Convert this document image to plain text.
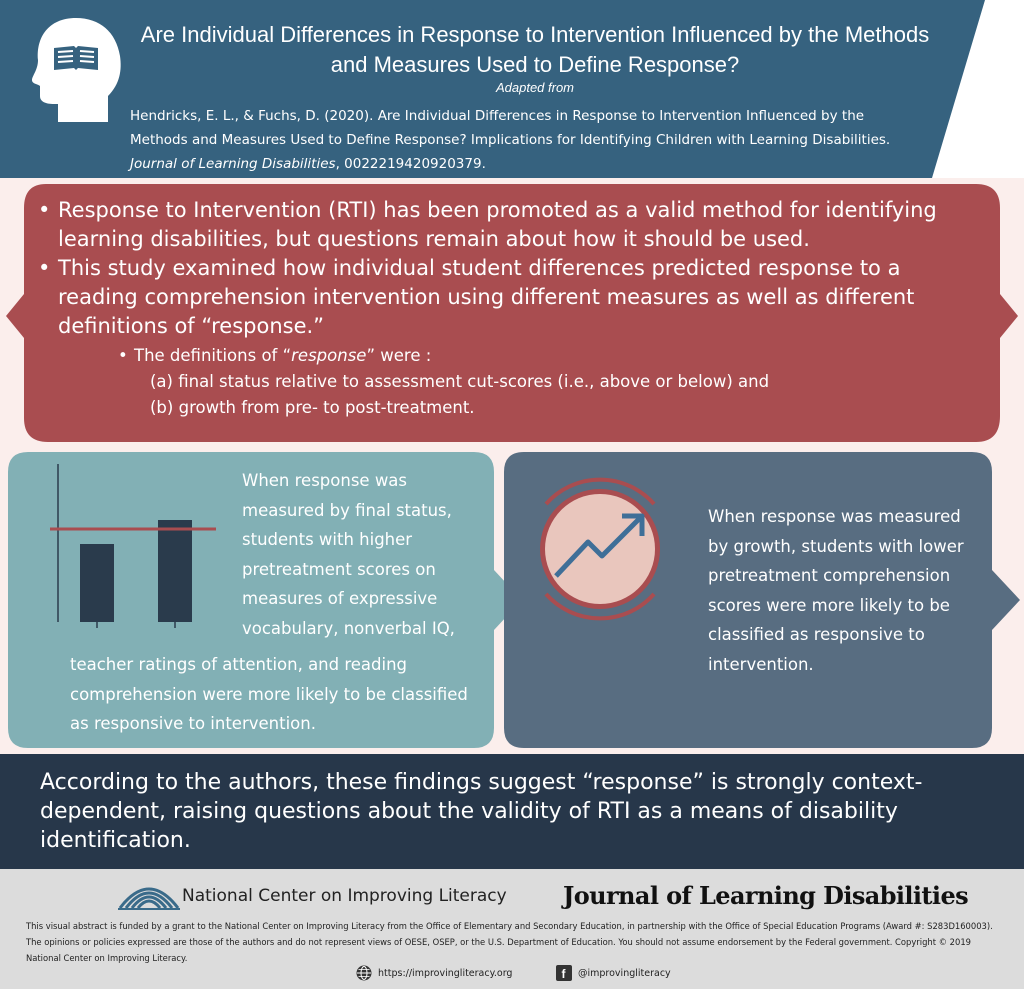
Are Individual Differences in Response to Intervention Influenced by the Methods and Measures Used to Define Response?
Adapted from
Hendricks, E. L., & Fuchs, D. (2020). Are Individual Differences in Response to Intervention Influenced by the
Methods and Measures Used to Define Response? Implications for Identifying Children with Learning Disabilities.
Journal of Learning Disabilities, 0022219420920379.

• Response to Intervention (RTI) has been promoted as a valid method for identifying learning disabilities, but questions remain about how it should be used.

• This study examined how individual student differences predicted response to a reading comprehension intervention using different measures as well as different definitions of “response.”

• The definitions of “response” were :
(a) final status relative to assessment cut-scores (i.e., above or below) and
(b) growth from pre- to post-treatment.
When response was measured by final status, students with higher pretreatment scores on measures of expressive vocabulary, nonverbal IQ,
teacher ratings of attention, and reading comprehension were more likely to be classified as responsive to intervention.
When response was measured by growth, students with lower pretreatment comprehension scores were more likely to be classified as responsive to intervention.
According to the authors, these findings suggest “response” is strongly context-dependent, raising questions about the validity of RTI as a means of disability identification.
National Center on Improving Literacy Journal of Learning Disabilities
This visual abstract is funded by a grant to the National Center on Improving Literacy from the Office of Elementary and Secondary Education, in partnership with the Office of Special Education Programs (Award #: S283D160003). The opinions or policies expressed are those of the authors and do not represent views of OESE, OSEP, or the U.S. Department of Education. You should not assume endorsement by the Federal government. Copyright © 2019 National Center on Improving Literacy.
https://improvingliteracy.org	f @improvingliteracy
